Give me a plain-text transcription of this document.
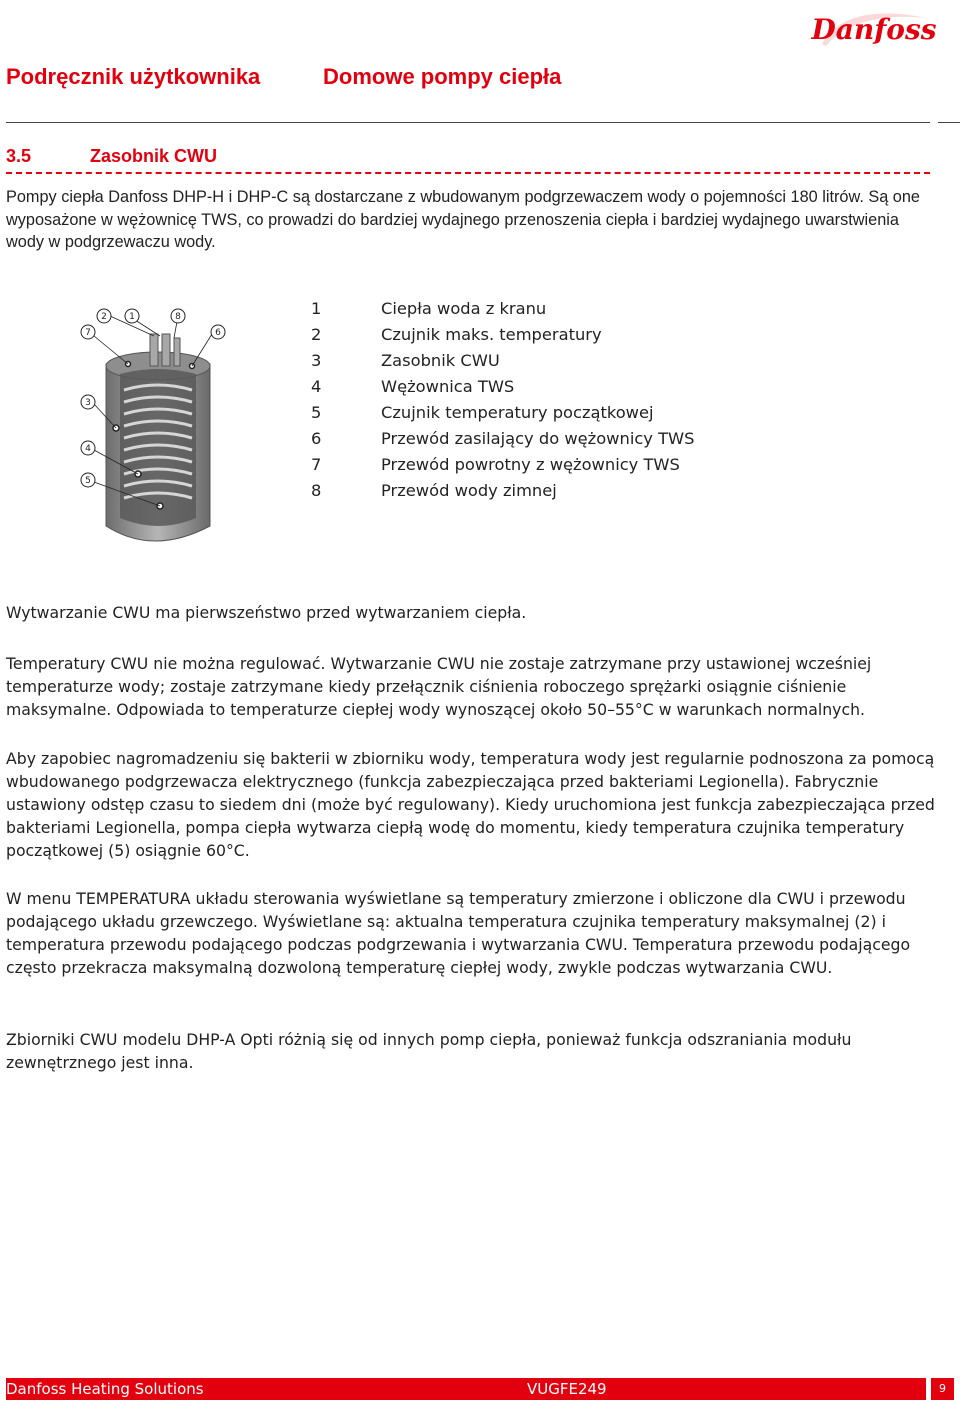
Danfoss
Podręcznik użytkownika	Domowe pompy ciepła
3.5	Zasobnik CWU

Pompy ciepła Danfoss DHP-H i DHP-C są dostarczane z wbudowanym podgrzewaczem wody o pojemności 180 litrów. Są one wyposażone w wężownicę TWS, co prowadzi do bardziej wydajnego przenoszenia ciepła i bardziej wydajnego uwarstwienia wody w podgrzewaczu wody.

2 1	8
7	6
3
4
5
1	Ciepła woda z kranu
2	Czujnik maks. temperatury
3	Zasobnik CWU
4	Wężownica TWS
5	Czujnik temperatury początkowej
6	Przewód zasilający do wężownicy TWS
7	Przewód powrotny z wężownicy TWS
8	Przewód wody zimnej

Wytwarzanie CWU ma pierwszeństwo przed wytwarzaniem ciepła.

Temperatury CWU nie można regulować. Wytwarzanie CWU nie zostaje zatrzymane przy ustawionej wcześniej temperaturze wody; zostaje zatrzymane kiedy przełącznik ciśnienia roboczego sprężarki osiągnie ciśnienie maksymalne. Odpowiada to temperaturze ciepłej wody wynoszącej około 50–55°C w warunkach normalnych.

Aby zapobiec nagromadzeniu się bakterii w zbiorniku wody, temperatura wody jest regularnie podnoszona za pomocą wbudowanego podgrzewacza elektrycznego (funkcja zabezpieczająca przed bakteriami Legionella). Fabrycznie ustawiony odstęp czasu to siedem dni (może być regulowany). Kiedy uruchomiona jest funkcja zabezpieczająca przed bakteriami Legionella, pompa ciepła wytwarza ciepłą wodę do momentu, kiedy temperatura czujnika temperatury początkowej (5) osiągnie 60°C.

W menu TEMPERATURA układu sterowania wyświetlane są temperatury zmierzone i obliczone dla CWU i przewodu podającego układu grzewczego. Wyświetlane są: aktualna temperatura czujnika temperatury maksymalnej (2) i temperatura przewodu podającego podczas podgrzewania i wytwarzania CWU. Temperatura przewodu podającego często przekracza maksymalną dozwoloną temperaturę ciepłej wody, zwykle podczas wytwarzania CWU.

Zbiorniki CWU modelu DHP-A Opti różnią się od innych pomp ciepła, ponieważ funkcja odszraniania modułu zewnętrznego jest inna.

Danfoss Heating Solutions	VUGFE249	9
